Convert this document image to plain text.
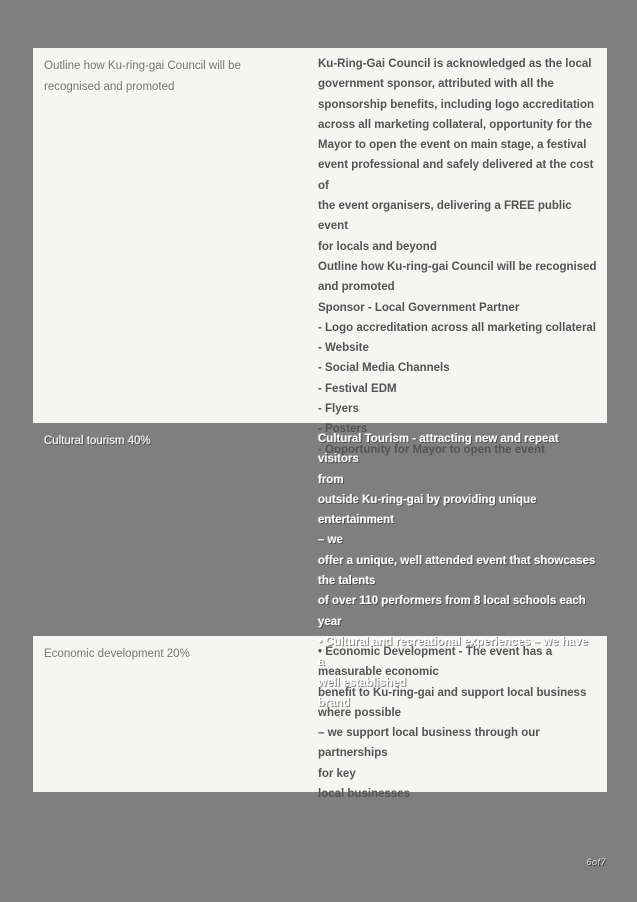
Outline how Ku-ring-gai Council will be recognised and promoted
Ku-Ring-Gai Council is acknowledged as the local
government sponsor, attributed with all the
sponsorship benefits, including logo accreditation
across all marketing collateral, opportunity for the
Mayor to open the event on main stage, a festival
event professional and safely delivered at the cost of
the event organisers, delivering a FREE public event
for locals and beyond
Outline how Ku-ring-gai Council will be recognised
and promoted
Sponsor - Local Government Partner
- Logo accreditation across all marketing collateral
- Website
- Social Media Channels
- Festival EDM
- Flyers
- Posters
- Opportunity for Mayor to open the event
Cultural tourism 40%	Cultural Tourism - attracting new and repeat visitors
from
outside Ku-ring-gai by providing unique entertainment
– we
offer a unique, well attended event that showcases
the talents
of over 110 performers from 8 local schools each year
• Cultural and recreational experiences – we have a
well established
brand
Economic development 20%	• Economic Development - The event has a
measurable economic
benefit to Ku-ring-gai and support local business
where possible
– we support local business through our partnerships
for key
local businesses
6of7
